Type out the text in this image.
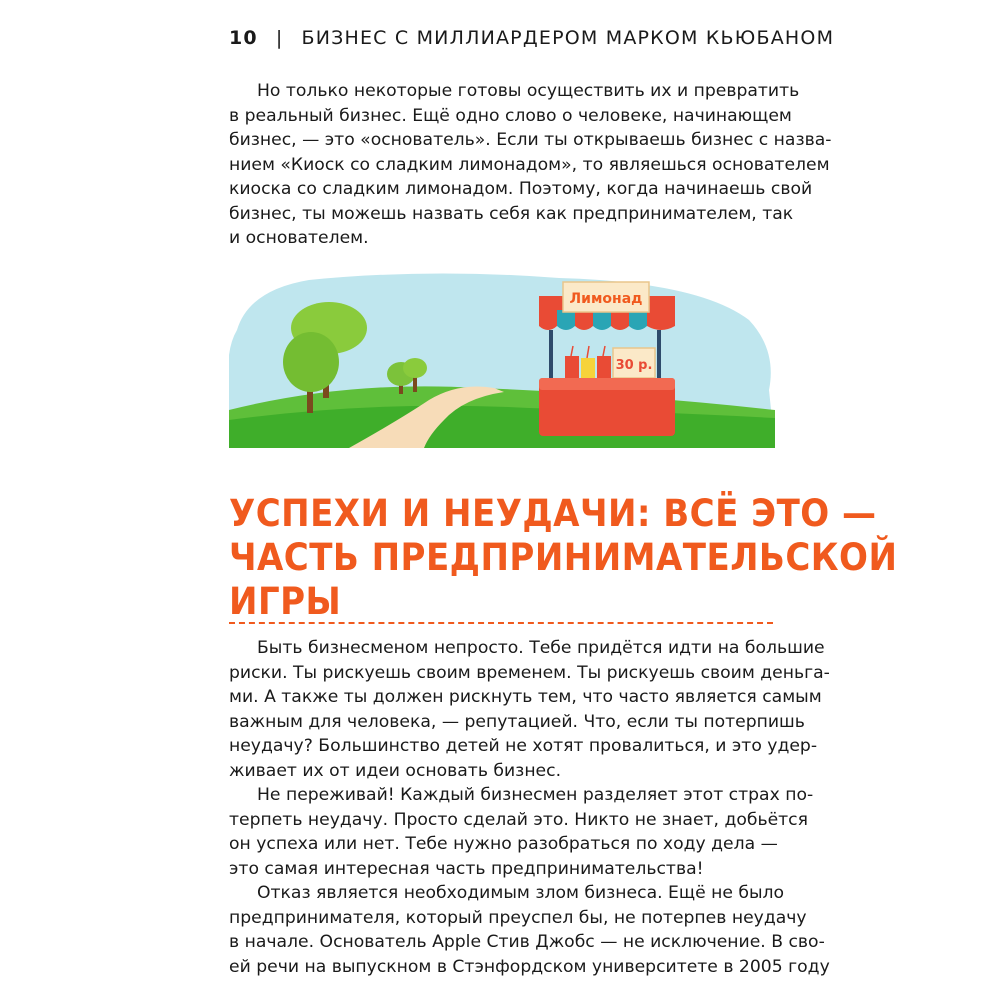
10 | БИЗНЕС С МИЛЛИАРДЕРОМ МАРКОМ КЬЮБАНОМ
Но только некоторые готовы осуществить их и превратить
в реальный бизнес. Ещё одно слово о человеке, начинающем
бизнес, — это «основатель». Если ты открываешь бизнес с назва-
нием «Киоск со сладким лимонадом», то являешься основателем
киоска со сладким лимонадом. Поэтому, когда начинаешь свой
бизнес, ты можешь назвать себя как предпринимателем, так
и основателем.
Лимонад
30 р.
УСПЕХИ И НЕУДАЧИ: ВСЁ ЭТО —
ЧАСТЬ ПРЕДПРИНИМАТЕЛЬСКОЙ
ИГРЫ
Быть бизнесменом непросто. Тебе придётся идти на большие
риски. Ты рискуешь своим временем. Ты рискуешь своим деньга-
ми. А также ты должен рискнуть тем, что часто является самым
важным для человека, — репутацией. Что, если ты потерпишь
неудачу? Большинство детей не хотят провалиться, и это удер-
живает их от идеи основать бизнес.
Не переживай! Каждый бизнесмен разделяет этот страх по-
терпеть неудачу. Просто сделай это. Никто не знает, добьётся
он успеха или нет. Тебе нужно разобраться по ходу дела —
это самая интересная часть предпринимательства!
Отказ является необходимым злом бизнеса. Ещё не было
предпринимателя, который преуспел бы, не потерпев неудачу
в начале. Основатель Apple Стив Джобс — не исключение. В сво-
ей речи на выпускном в Стэнфордском университете в 2005 году
